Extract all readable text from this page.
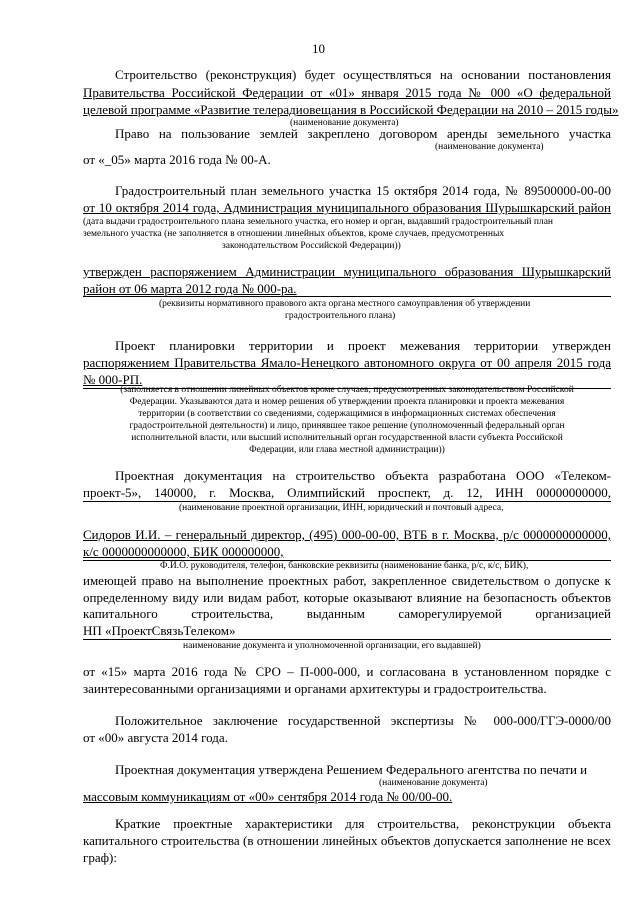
10
Строительство (реконструкция) будет осуществляться на основании постановления
Правительства Российской Федерации от «01» января 2015 года № 000 «О федеральной
целевой программе «Развитие телерадиовещания в Российской Федерации на 2010 – 2015 годы»
(наименование документа)
Право на пользование землей закреплено договором аренды земельного участка
(наименование документа)
от «_05» марта 2016 года № 00-А.
Градостроительный план земельного участка 15 октября 2014 года, № 89500000-00-00
от 10 октября 2014 года, Администрация муниципального образования Шурышкарский район
(дата выдачи градостроительного плана земельного участка, его номер и орган, выдавший градостроительный план
земельного участка (не заполняется в отношении линейных объектов, кроме случаев, предусмотренных
законодательством Российской Федерации))
утвержден распоряжением Администрации муниципального образования Шурышкарский
район от 06 марта 2012 года № 000-ра.
(реквизиты нормативного правового акта органа местного самоуправления об утверждении
градостроительного плана)
Проект планировки территории и проект межевания территории утвержден
распоряжением Правительства Ямало-Ненецкого автономного округа от 00 апреля 2015 года
№ 000-РП.
(заполняется в отношении линейных объектов кроме случаев, предусмотренных законодательством Российской
Федерации. Указываются дата и номер решения об утверждении проекта планировки и проекта межевания
территории (в соответствии со сведениями, содержащимися в информационных системах обеспечения
градостроительной деятельности) и лицо, принявшее такое решение (уполномоченный федеральный орган
исполнительной власти, или высший исполнительный орган государственной власти субъекта Российской
Федерации, или глава местной администрации))
Проектная документация на строительство объекта разработана ООО «Телеком-
проект-5», 140000, г. Москва, Олимпийский проспект, д. 12, ИНН 00000000000,
(наименование проектной организации, ИНН, юридический и почтовый адреса,
Сидоров И.И. – генеральный директор, (495) 000-00-00, ВТБ в г. Москва, р/с 0000000000000,
к/с 0000000000000, БИК 000000000,
Ф.И.О. руководителя, телефон, банковские реквизиты (наименование банка, р/с, к/с, БИК),
имеющей право на выполнение проектных работ, закрепленное свидетельством о допуске к
определенному виду или видам работ, которые оказывают влияние на безопасность объектов
капитального строительства, выданным саморегулируемой организацией
НП «ПроектСвязьТелеком»
наименование документа и уполномоченной организации, его выдавшей)
от «15» марта 2016 года № СРО – П-000-000, и согласована в установленном порядке с
заинтересованными организациями и органами архитектуры и градостроительства.
Положительное заключение государственной экспертизы № 000-000/ГГЭ-0000/00
от «00» августа 2014 года.
Проектная документация утверждена Решением Федерального агентства по печати и
(наименование документа)
массовым коммуникациям от «00» сентября 2014 года № 00/00-00.
Краткие проектные характеристики для строительства, реконструкции объекта
капитального строительства (в отношении линейных объектов допускается заполнение не всех
граф):
